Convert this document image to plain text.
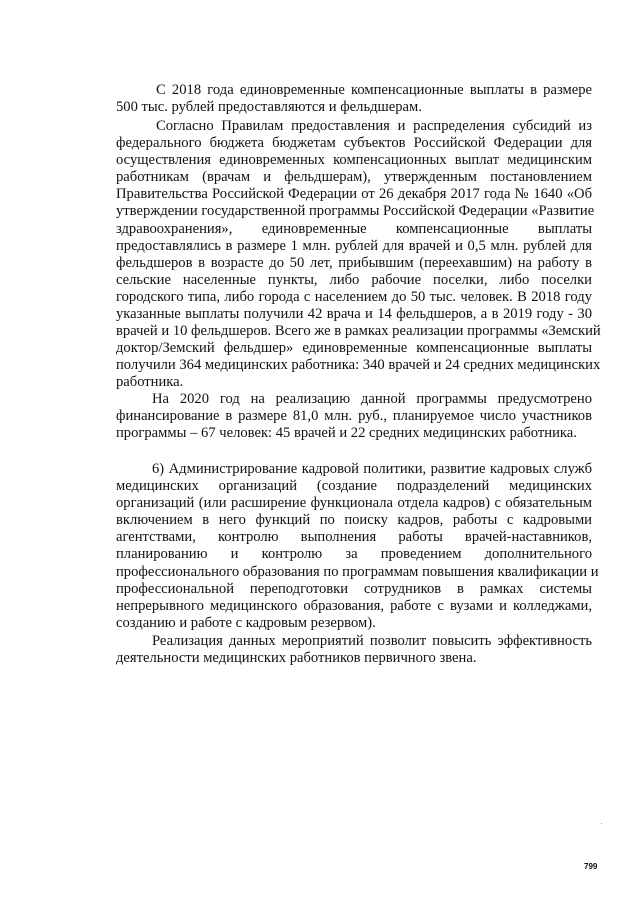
С 2018 года единовременные компенсационные выплаты в размере
500 тыс. рублей предоставляются и фельдшерам.
Согласно Правилам предоставления и распределения субсидий из
федерального бюджета бюджетам субъектов Российской Федерации для
осуществления единовременных компенсационных выплат медицинским
работникам (врачам и фельдшерам), утвержденным постановлением
Правительства Российской Федерации от 26 декабря 2017 года № 1640 «Об
утверждении государственной программы Российской Федерации «Развитие
здравоохранения», единовременные компенсационные выплаты
предоставлялись в размере 1 млн. рублей для врачей и 0,5 млн. рублей для
фельдшеров в возрасте до 50 лет, прибывшим (переехавшим) на работу в
сельские населенные пункты, либо рабочие поселки, либо поселки
городского типа, либо города с населением до 50 тыс. человек. В 2018 году
указанные выплаты получили 42 врача и 14 фельдшеров, а в 2019 году - 30
врачей и 10 фельдшеров. Всего же в рамках реализации программы «Земский
доктор/Земский фельдшер» единовременные компенсационные выплаты
получили 364 медицинских работника: 340 врачей и 24 средних медицинских
работника.
На 2020 год на реализацию данной программы предусмотрено
финансирование в размере 81,0 млн. руб., планируемое число участников
программы – 67 человек: 45 врачей и 22 средних медицинских работника.
6) Администрирование кадровой политики, развитие кадровых служб
медицинских организаций (создание подразделений медицинских
организаций (или расширение функционала отдела кадров) с обязательным
включением в него функций по поиску кадров, работы с кадровыми
агентствами, контролю выполнения работы врачей-наставников,
планированию и контролю за проведением дополнительного
профессионального образования по программам повышения квалификации и
профессиональной переподготовки сотрудников в рамках системы
непрерывного медицинского образования, работе с вузами и колледжами,
созданию и работе с кадровым резервом).
Реализация данных мероприятий позволит повысить эффективность
деятельности медицинских работников первичного звена.
799
